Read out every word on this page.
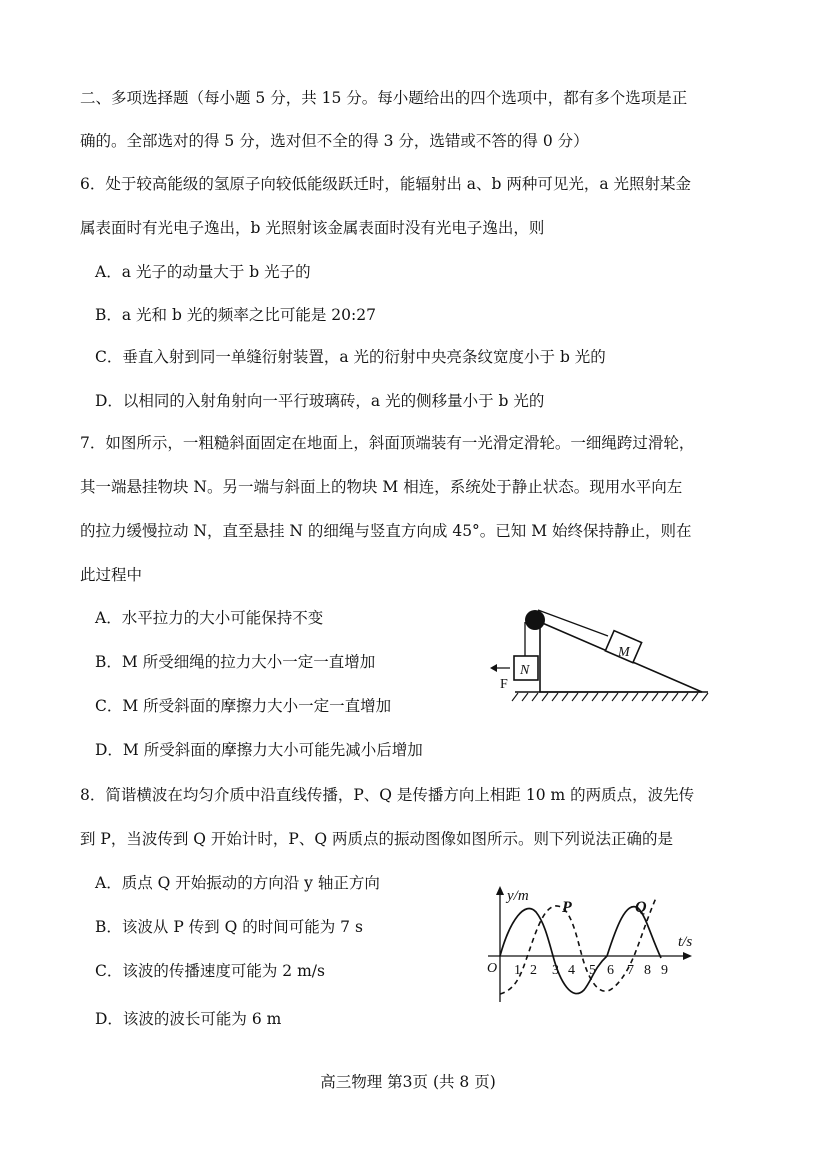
二、多项选择题（每小题 5 分，共 15 分。每小题给出的四个选项中，都有多个选项是正
确的。全部选对的得 5 分，选对但不全的得 3 分，选错或不答的得 0 分）
6．处于较高能级的氢原子向较低能级跃迁时，能辐射出 a、b 两种可见光，a 光照射某金
属表面时有光电子逸出，b 光照射该金属表面时没有光电子逸出，则
A．a 光子的动量大于 b 光子的
B．a 光和 b 光的频率之比可能是 20:27
C．垂直入射到同一单缝衍射装置，a 光的衍射中央亮条纹宽度小于 b 光的
D．以相同的入射角射向一平行玻璃砖，a 光的侧移量小于 b 光的
7．如图所示，一粗糙斜面固定在地面上，斜面顶端装有一光滑定滑轮。一细绳跨过滑轮，
其一端悬挂物块 N。另一端与斜面上的物块 M 相连，系统处于静止状态。现用水平向左
的拉力缓慢拉动 N，直至悬挂 N 的细绳与竖直方向成 45°。已知 M 始终保持静止，则在
此过程中
A．水平拉力的大小可能保持不变
B．M 所受细绳的拉力大小一定一直增加
C．M 所受斜面的摩擦力大小一定一直增加
D．M 所受斜面的摩擦力大小可能先减小后增加
M
N
F
8．简谐横波在均匀介质中沿直线传播，P、Q 是传播方向上相距 10 m 的两质点，波先传
到 P，当波传到 Q 开始计时，P、Q 两质点的振动图像如图所示。则下列说法正确的是
A．质点 Q 开始振动的方向沿 y 轴正方向
B．该波从 P 传到 Q 的时间可能为 7 s
C．该波的传播速度可能为 2 m/s
D．该波的波长可能为 6 m
y/m
t/s
O 1 2 3 4 5 6 7 8 9
P	Q
高三物理 第3页 (共 8 页)
